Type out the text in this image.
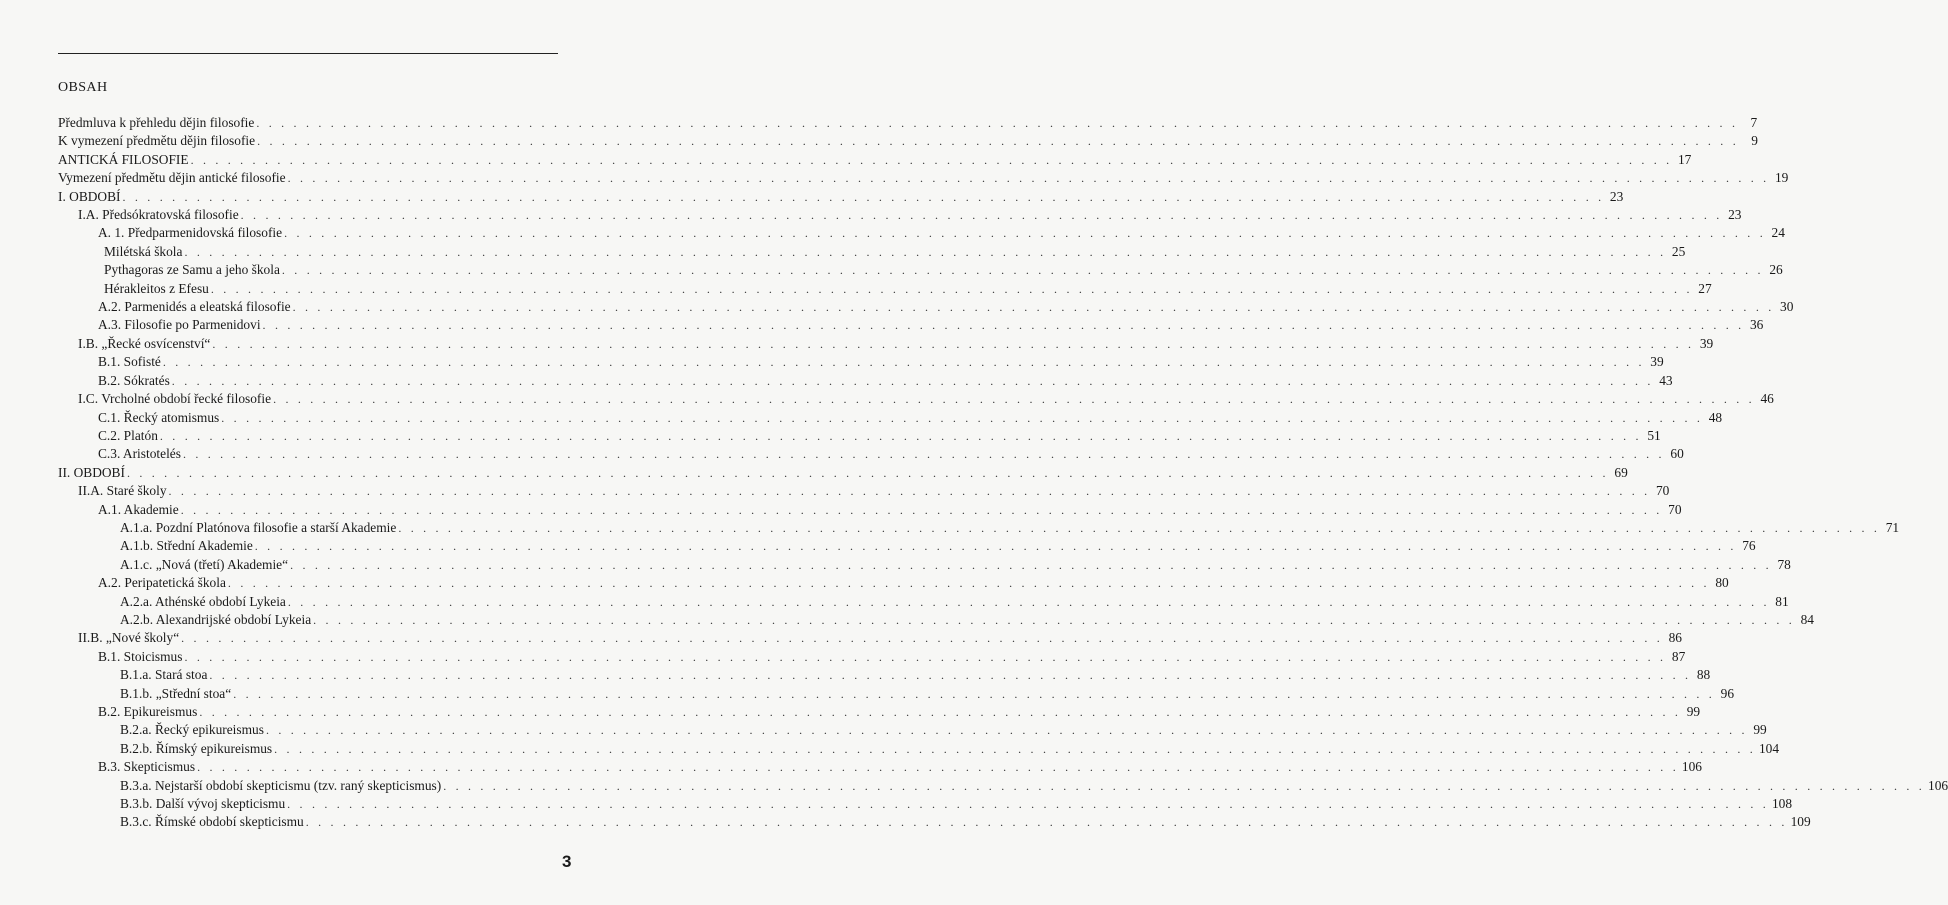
OBSAH
Předmluva k přehledu dějin filosofie . . . . . . . . . . . . . . . . . . . . . . . . . . . . . . . . . . . . . . . . . . . . . . . . . . . . . . . . . . . . . . . . . . . . . . . . . . . . . . . . . . . . . . . . . . . . . . . . . . . . . . . . . . . . . . . . . . . . . . . . 7
K vymezení předmětu dějin filosofie . . . . . . . . . . . . . . . . . . . . . . . . . . . . . . . . . . . . . . . . . . . . . . . . . . . . . . . . . . . . . . . . . . . . . . . . . . . . . . . . . . . . . . . . . . . . . . . . . . . . . . . . . . . . . . . . . . . . . . . . 9
ANTICKÁ FILOSOFIE . . . . . . . . . . . . . . . . . . . . . . . . . . . . . . . . . . . . . . . . . . . . . . . . . . . . . . . . . . . . . . . . . . . . . . . . . . . . . . . . . . . . . . . . . . . . . . . . . . . . . . . . . . . . . . . . . . . . . . . . 17
Vymezení předmětu dějin antické filosofie . . . . . . . . . . . . . . . . . . . . . . . . . . . . . . . . . . . . . . . . . . . . . . . . . . . . . . . . . . . . . . . . . . . . . . . . . . . . . . . . . . . . . . . . . . . . . . . . . . . . . . . . . . . . . . . . . . . . . . . . 19
I. OBDOBÍ . . . . . . . . . . . . . . . . . . . . . . . . . . . . . . . . . . . . . . . . . . . . . . . . . . . . . . . . . . . . . . . . . . . . . . . . . . . . . . . . . . . . . . . . . . . . . . . . . . . . . . . . . . . . . . . . . . . . . . . . 23
I.A. Předsókratovská filosofie . . . . . . . . . . . . . . . . . . . . . . . . . . . . . . . . . . . . . . . . . . . . . . . . . . . . . . . . . . . . . . . . . . . . . . . . . . . . . . . . . . . . . . . . . . . . . . . . . . . . . . . . . . . . . . . . . . . . . . . . 23
A. 1. Předparmenidovská filosofie . . . . . . . . . . . . . . . . . . . . . . . . . . . . . . . . . . . . . . . . . . . . . . . . . . . . . . . . . . . . . . . . . . . . . . . . . . . . . . . . . . . . . . . . . . . . . . . . . . . . . . . . . . . . . . . . . . . . . . . . 24
Milétská škola . . . . . . . . . . . . . . . . . . . . . . . . . . . . . . . . . . . . . . . . . . . . . . . . . . . . . . . . . . . . . . . . . . . . . . . . . . . . . . . . . . . . . . . . . . . . . . . . . . . . . . . . . . . . . . . . . . . . . . . . 25
Pythagoras ze Samu a jeho škola . . . . . . . . . . . . . . . . . . . . . . . . . . . . . . . . . . . . . . . . . . . . . . . . . . . . . . . . . . . . . . . . . . . . . . . . . . . . . . . . . . . . . . . . . . . . . . . . . . . . . . . . . . . . . . . . . . . . . . . . 26
Hérakleitos z Efesu . . . . . . . . . . . . . . . . . . . . . . . . . . . . . . . . . . . . . . . . . . . . . . . . . . . . . . . . . . . . . . . . . . . . . . . . . . . . . . . . . . . . . . . . . . . . . . . . . . . . . . . . . . . . . . . . . . . . . . . . 27
A.2. Parmenidés a eleatská filosofie . . . . . . . . . . . . . . . . . . . . . . . . . . . . . . . . . . . . . . . . . . . . . . . . . . . . . . . . . . . . . . . . . . . . . . . . . . . . . . . . . . . . . . . . . . . . . . . . . . . . . . . . . . . . . . . . . . . . . . . . 30
A.3. Filosofie po Parmenidovi . . . . . . . . . . . . . . . . . . . . . . . . . . . . . . . . . . . . . . . . . . . . . . . . . . . . . . . . . . . . . . . . . . . . . . . . . . . . . . . . . . . . . . . . . . . . . . . . . . . . . . . . . . . . . . . . . . . . . . . . 36
I.B. „Řecké osvícenství“ . . . . . . . . . . . . . . . . . . . . . . . . . . . . . . . . . . . . . . . . . . . . . . . . . . . . . . . . . . . . . . . . . . . . . . . . . . . . . . . . . . . . . . . . . . . . . . . . . . . . . . . . . . . . . . . . . . . . . . . . 39
B.1. Sofisté . . . . . . . . . . . . . . . . . . . . . . . . . . . . . . . . . . . . . . . . . . . . . . . . . . . . . . . . . . . . . . . . . . . . . . . . . . . . . . . . . . . . . . . . . . . . . . . . . . . . . . . . . . . . . . . . . . . . . . . . 39
B.2. Sókratés . . . . . . . . . . . . . . . . . . . . . . . . . . . . . . . . . . . . . . . . . . . . . . . . . . . . . . . . . . . . . . . . . . . . . . . . . . . . . . . . . . . . . . . . . . . . . . . . . . . . . . . . . . . . . . . . . . . . . . . . 43
I.C. Vrcholné období řecké filosofie . . . . . . . . . . . . . . . . . . . . . . . . . . . . . . . . . . . . . . . . . . . . . . . . . . . . . . . . . . . . . . . . . . . . . . . . . . . . . . . . . . . . . . . . . . . . . . . . . . . . . . . . . . . . . . . . . . . . . . . . 46
C.1. Řecký atomismus . . . . . . . . . . . . . . . . . . . . . . . . . . . . . . . . . . . . . . . . . . . . . . . . . . . . . . . . . . . . . . . . . . . . . . . . . . . . . . . . . . . . . . . . . . . . . . . . . . . . . . . . . . . . . . . . . . . . . . . . 48
C.2. Platón . . . . . . . . . . . . . . . . . . . . . . . . . . . . . . . . . . . . . . . . . . . . . . . . . . . . . . . . . . . . . . . . . . . . . . . . . . . . . . . . . . . . . . . . . . . . . . . . . . . . . . . . . . . . . . . . . . . . . . . . 51
C.3. Aristotelés . . . . . . . . . . . . . . . . . . . . . . . . . . . . . . . . . . . . . . . . . . . . . . . . . . . . . . . . . . . . . . . . . . . . . . . . . . . . . . . . . . . . . . . . . . . . . . . . . . . . . . . . . . . . . . . . . . . . . . . . 60
II. OBDOBÍ . . . . . . . . . . . . . . . . . . . . . . . . . . . . . . . . . . . . . . . . . . . . . . . . . . . . . . . . . . . . . . . . . . . . . . . . . . . . . . . . . . . . . . . . . . . . . . . . . . . . . . . . . . . . . . . . . . . . . . . . 69
II.A. Staré školy . . . . . . . . . . . . . . . . . . . . . . . . . . . . . . . . . . . . . . . . . . . . . . . . . . . . . . . . . . . . . . . . . . . . . . . . . . . . . . . . . . . . . . . . . . . . . . . . . . . . . . . . . . . . . . . . . . . . . . . . 70
A.1. Akademie . . . . . . . . . . . . . . . . . . . . . . . . . . . . . . . . . . . . . . . . . . . . . . . . . . . . . . . . . . . . . . . . . . . . . . . . . . . . . . . . . . . . . . . . . . . . . . . . . . . . . . . . . . . . . . . . . . . . . . . . 70
A.1.a. Pozdní Platónova filosofie a starší Akademie . . . . . . . . . . . . . . . . . . . . . . . . . . . . . . . . . . . . . . . . . . . . . . . . . . . . . . . . . . . . . . . . . . . . . . . . . . . . . . . . . . . . . . . . . . . . . . . . . . . . . . . . . . . . . . . . . . . . . . . . 71
A.1.b. Střední Akademie . . . . . . . . . . . . . . . . . . . . . . . . . . . . . . . . . . . . . . . . . . . . . . . . . . . . . . . . . . . . . . . . . . . . . . . . . . . . . . . . . . . . . . . . . . . . . . . . . . . . . . . . . . . . . . . . . . . . . . . . 76
A.1.c. „Nová (třetí) Akademie“ . . . . . . . . . . . . . . . . . . . . . . . . . . . . . . . . . . . . . . . . . . . . . . . . . . . . . . . . . . . . . . . . . . . . . . . . . . . . . . . . . . . . . . . . . . . . . . . . . . . . . . . . . . . . . . . . . . . . . . . . 78
A.2. Peripatetická škola . . . . . . . . . . . . . . . . . . . . . . . . . . . . . . . . . . . . . . . . . . . . . . . . . . . . . . . . . . . . . . . . . . . . . . . . . . . . . . . . . . . . . . . . . . . . . . . . . . . . . . . . . . . . . . . . . . . . . . . . 80
A.2.a. Athénské období Lykeia . . . . . . . . . . . . . . . . . . . . . . . . . . . . . . . . . . . . . . . . . . . . . . . . . . . . . . . . . . . . . . . . . . . . . . . . . . . . . . . . . . . . . . . . . . . . . . . . . . . . . . . . . . . . . . . . . . . . . . . . 81
A.2.b. Alexandrijské období Lykeia . . . . . . . . . . . . . . . . . . . . . . . . . . . . . . . . . . . . . . . . . . . . . . . . . . . . . . . . . . . . . . . . . . . . . . . . . . . . . . . . . . . . . . . . . . . . . . . . . . . . . . . . . . . . . . . . . . . . . . . . 84
II.B. „Nové školy“ . . . . . . . . . . . . . . . . . . . . . . . . . . . . . . . . . . . . . . . . . . . . . . . . . . . . . . . . . . . . . . . . . . . . . . . . . . . . . . . . . . . . . . . . . . . . . . . . . . . . . . . . . . . . . . . . . . . . . . . . 86
B.1. Stoicismus . . . . . . . . . . . . . . . . . . . . . . . . . . . . . . . . . . . . . . . . . . . . . . . . . . . . . . . . . . . . . . . . . . . . . . . . . . . . . . . . . . . . . . . . . . . . . . . . . . . . . . . . . . . . . . . . . . . . . . . . 87
B.1.a. Stará stoa . . . . . . . . . . . . . . . . . . . . . . . . . . . . . . . . . . . . . . . . . . . . . . . . . . . . . . . . . . . . . . . . . . . . . . . . . . . . . . . . . . . . . . . . . . . . . . . . . . . . . . . . . . . . . . . . . . . . . . . . 88
B.1.b. „Střední stoa“ . . . . . . . . . . . . . . . . . . . . . . . . . . . . . . . . . . . . . . . . . . . . . . . . . . . . . . . . . . . . . . . . . . . . . . . . . . . . . . . . . . . . . . . . . . . . . . . . . . . . . . . . . . . . . . . . . . . . . . . . 96
B.2. Epikureismus . . . . . . . . . . . . . . . . . . . . . . . . . . . . . . . . . . . . . . . . . . . . . . . . . . . . . . . . . . . . . . . . . . . . . . . . . . . . . . . . . . . . . . . . . . . . . . . . . . . . . . . . . . . . . . . . . . . . . . . . 99
B.2.a. Řecký epikureismus . . . . . . . . . . . . . . . . . . . . . . . . . . . . . . . . . . . . . . . . . . . . . . . . . . . . . . . . . . . . . . . . . . . . . . . . . . . . . . . . . . . . . . . . . . . . . . . . . . . . . . . . . . . . . . . . . . . . . . . . 99
B.2.b. Římský epikureismus . . . . . . . . . . . . . . . . . . . . . . . . . . . . . . . . . . . . . . . . . . . . . . . . . . . . . . . . . . . . . . . . . . . . . . . . . . . . . . . . . . . . . . . . . . . . . . . . . . . . . . . . . . . . . . . . . . . . . . . . 104
B.3. Skepticismus . . . . . . . . . . . . . . . . . . . . . . . . . . . . . . . . . . . . . . . . . . . . . . . . . . . . . . . . . . . . . . . . . . . . . . . . . . . . . . . . . . . . . . . . . . . . . . . . . . . . . . . . . . . . . . . . . . . . . . . . 106
B.3.a. Nejstarší období skepticismu (tzv. raný skepticismus) . . . . . . . . . . . . . . . . . . . . . . . . . . . . . . . . . . . . . . . . . . . . . . . . . . . . . . . . . . . . . . . . . . . . . . . . . . . . . . . . . . . . . . . . . . . . . . . . . . . . . . . . . . . . . . . . . . . . . . . . 106
B.3.b. Další vývoj skepticismu . . . . . . . . . . . . . . . . . . . . . . . . . . . . . . . . . . . . . . . . . . . . . . . . . . . . . . . . . . . . . . . . . . . . . . . . . . . . . . . . . . . . . . . . . . . . . . . . . . . . . . . . . . . . . . . . . . . . . . . . 108
B.3.c. Římské období skepticismu . . . . . . . . . . . . . . . . . . . . . . . . . . . . . . . . . . . . . . . . . . . . . . . . . . . . . . . . . . . . . . . . . . . . . . . . . . . . . . . . . . . . . . . . . . . . . . . . . . . . . . . . . . . . . . . . . . . . . . . . 109
3
